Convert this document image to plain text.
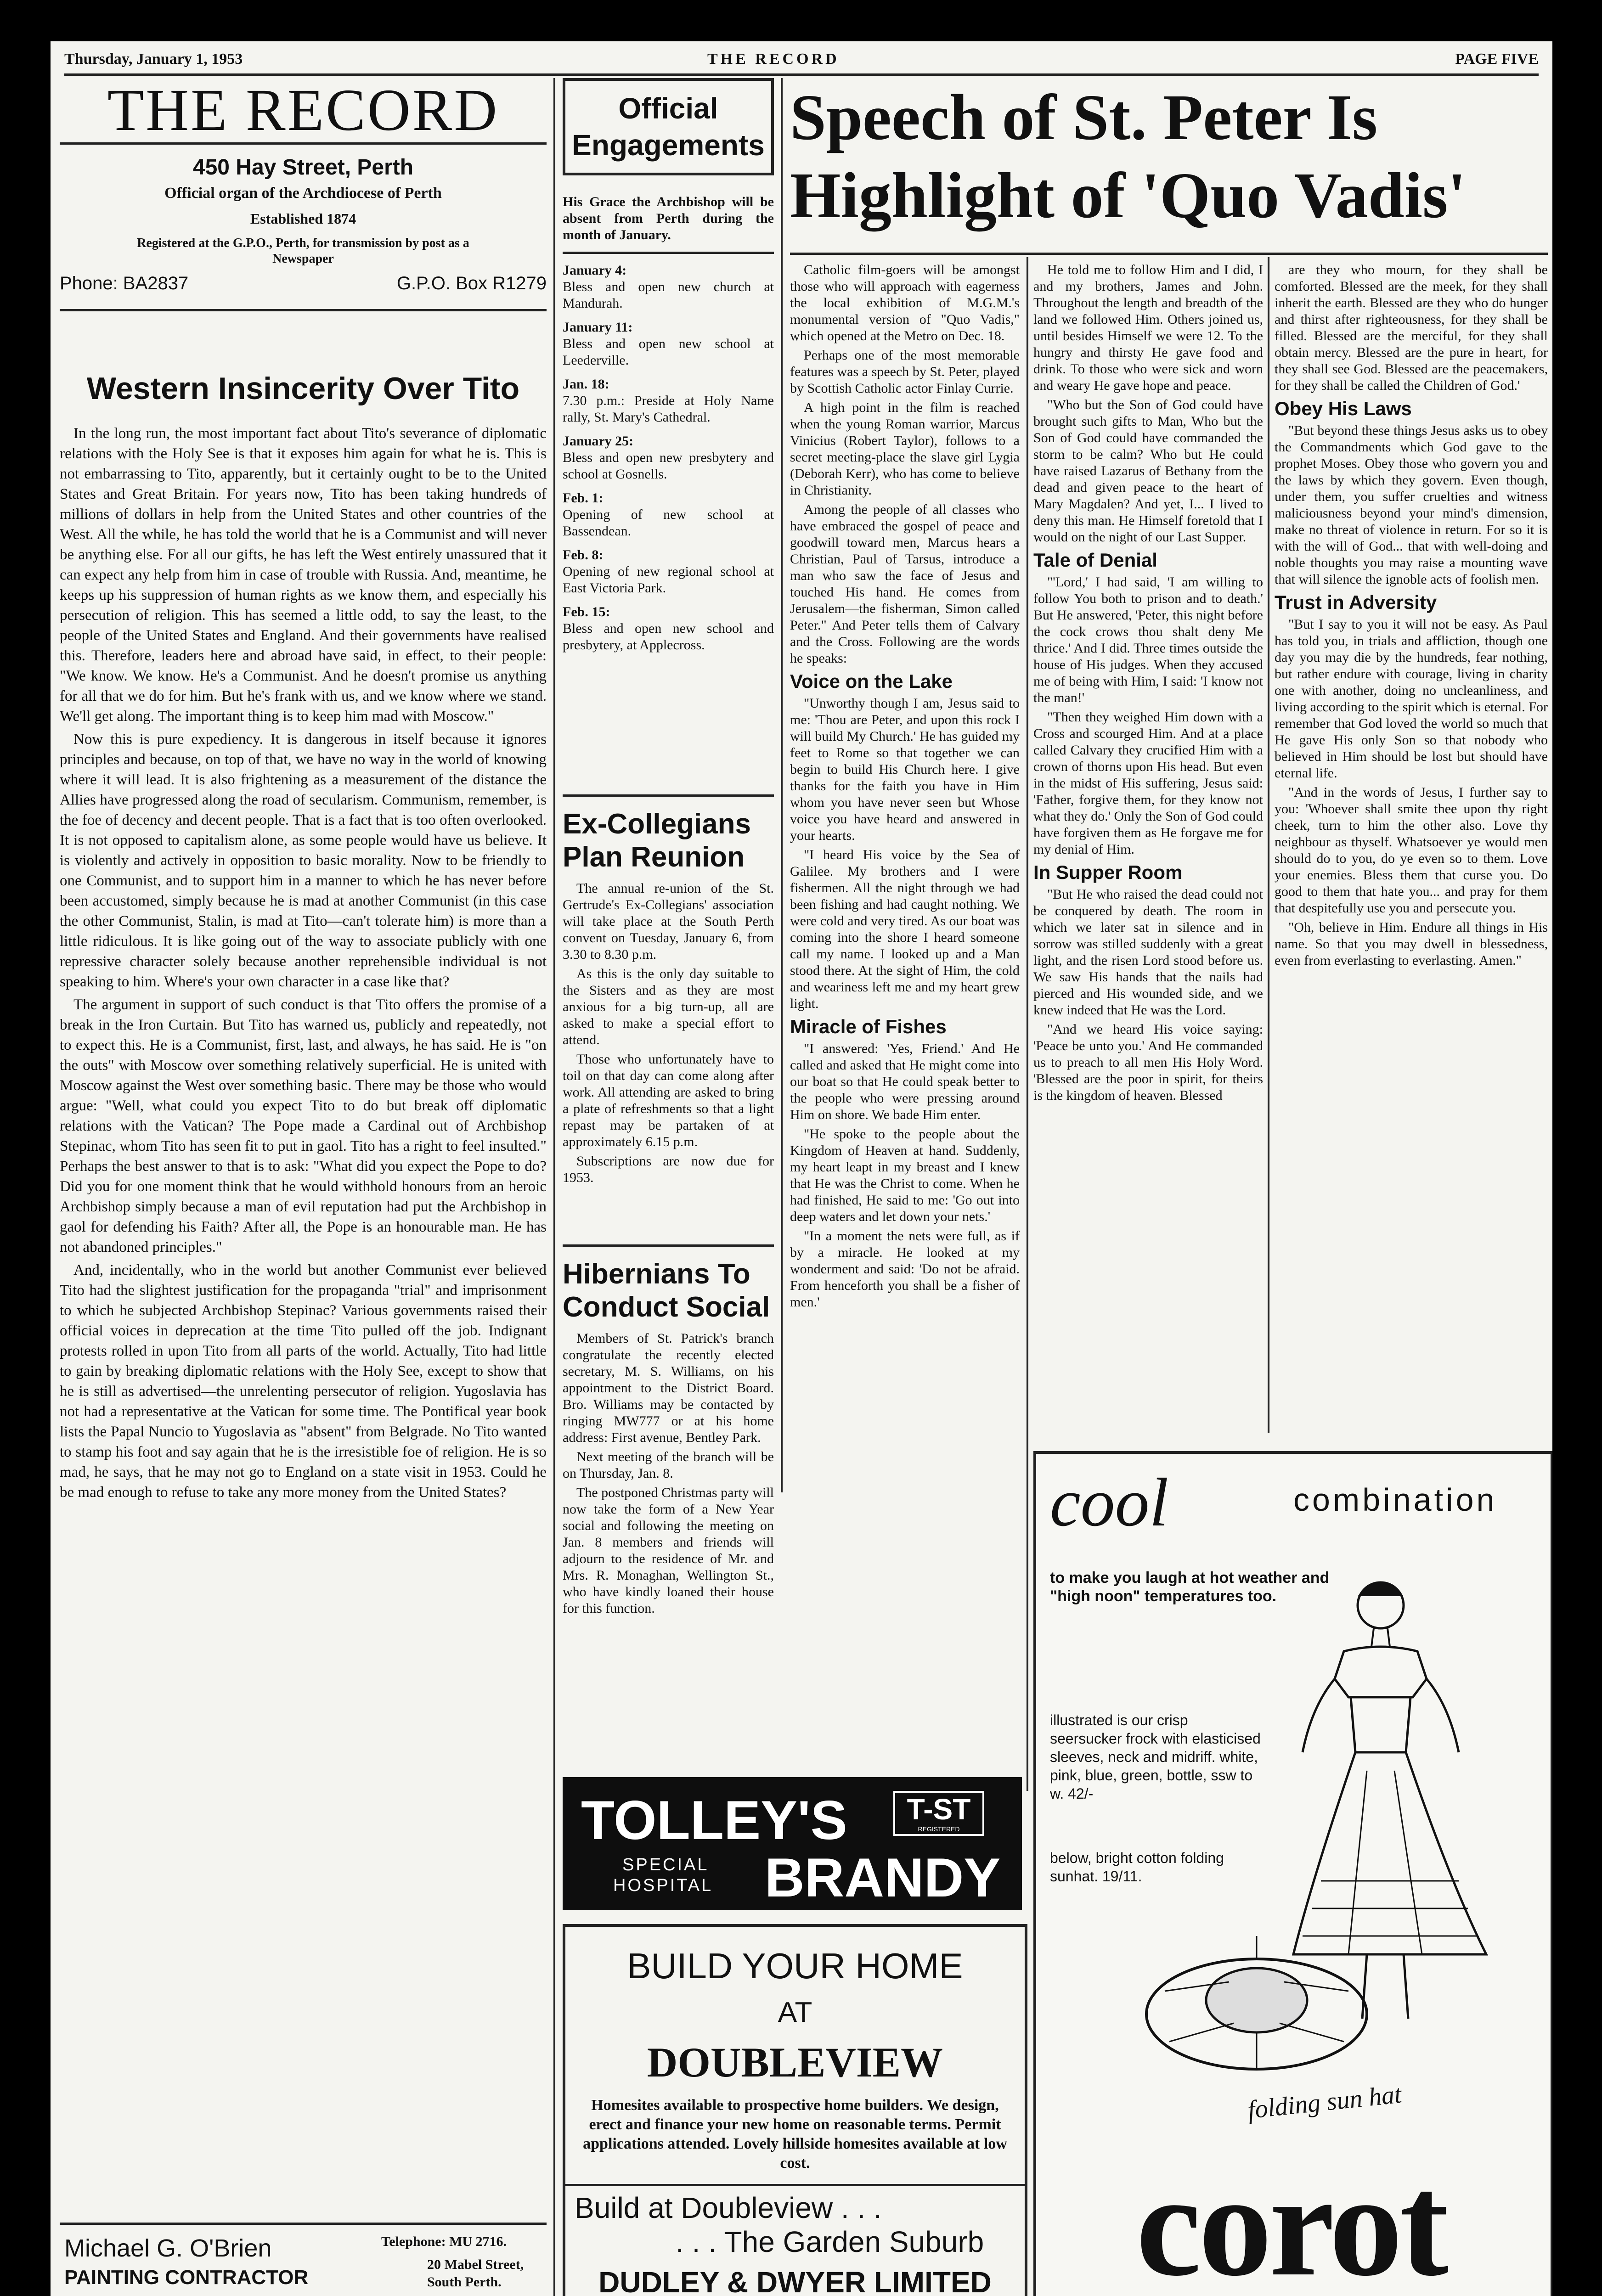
Thursday, January 1, 1953	THE RECORD	PAGE FIVE
THE RECORD
450 Hay Street, Perth
Official organ of the Archdiocese of Perth
Established 1874
Registered at the G.P.O., Perth, for transmission by post as a Newspaper
Phone: BA2837	G.P.O. Box R1279
Western Insincerity Over Tito

In the long run, the most important fact about Tito's severance of diplomatic relations with the Holy See is that it exposes him again for what he is. This is not embarrassing to Tito, apparently, but it certainly ought to be to the United States and Great Britain. For years now, Tito has been taking hundreds of millions of dollars in help from the United States and other countries of the West. All the while, he has told the world that he is a Communist and will never be anything else. For all our gifts, he has left the West entirely unassured that it can expect any help from him in case of trouble with Russia. And, meantime, he keeps up his suppression of human rights as we know them, and especially his persecution of religion. This has seemed a little odd, to say the least, to the people of the United States and England. And their governments have realised this. Therefore, leaders here and abroad have said, in effect, to their people: "We know. We know. He's a Communist. And he doesn't promise us anything for all that we do for him. But he's frank with us, and we know where we stand. We'll get along. The important thing is to keep him mad with Moscow."

Now this is pure expediency. It is dangerous in itself because it ignores principles and because, on top of that, we have no way in the world of knowing where it will lead. It is also frightening as a measurement of the distance the Allies have progressed along the road of secularism. Communism, remember, is the foe of decency and decent people. That is a fact that is too often overlooked. It is not opposed to capitalism alone, as some people would have us believe. It is violently and actively in opposition to basic morality. Now to be friendly to one Communist, and to support him in a manner to which he has never before been accustomed, simply because he is mad at another Communist (in this case the other Communist, Stalin, is mad at Tito—can't tolerate him) is more than a little ridiculous. It is like going out of the way to associate publicly with one repressive character solely because another reprehensible individual is not speaking to him. Where's your own character in a case like that?

The argument in support of such conduct is that Tito offers the promise of a break in the Iron Curtain. But Tito has warned us, publicly and repeatedly, not to expect this. He is a Communist, first, last, and always, he has said. He is "on the outs" with Moscow over something relatively superficial. He is united with Moscow against the West over something basic. There may be those who would argue: "Well, what could you expect Tito to do but break off diplomatic relations with the Vatican? The Pope made a Cardinal out of Archbishop Stepinac, whom Tito has seen fit to put in gaol. Tito has a right to feel insulted." Perhaps the best answer to that is to ask: "What did you expect the Pope to do? Did you for one moment think that he would withhold honours from an heroic Archbishop simply because a man of evil reputation had put the Archbishop in gaol for defending his Faith? After all, the Pope is an honourable man. He has not abandoned principles."

And, incidentally, who in the world but another Communist ever believed Tito had the slightest justification for the propaganda "trial" and imprisonment to which he subjected Archbishop Stepinac? Various governments raised their official voices in deprecation at the time Tito pulled off the job. Indignant protests rolled in upon Tito from all parts of the world. Actually, Tito had little to gain by breaking diplomatic relations with the Holy See, except to show that he is still as advertised—the unrelenting persecutor of religion. Yugoslavia has not had a representative at the Vatican for some time. The Pontifical year book lists the Papal Nuncio to Yugoslavia as "absent" from Belgrade. No Tito wanted to stamp his foot and say again that he is the irresistible foe of religion. He is so mad, he says, that he may not go to England on a state visit in 1953. Could he be mad enough to refuse to take any more money from the United States?

Michael G. O'Brien
PAINTING CONTRACTOR
Telephone: MU 2716.
20 Mabel Street,
South Perth.
Official
Engagements
His Grace the Archbishop will be absent from Perth during the month of January.
January 4:
Bless and open new church at Mandurah.
January 11:
Bless and open new school at Leederville.
Jan. 18:
7.30 p.m.: Preside at Holy Name rally, St. Mary's Cathedral.
January 25:
Bless and open new presbytery and school at Gosnells.
Feb. 1:
Opening of new school at Bassendean.
Feb. 8:
Opening of new regional school at East Victoria Park.
Feb. 15:
Bless and open new school and presbytery, at Applecross.
Ex-Collegians
Plan Reunion

The annual re-union of the St. Gertrude's Ex-Collegians' association will take place at the South Perth convent on Tuesday, January 6, from 3.30 to 8.30 p.m.

As this is the only day suitable to the Sisters and as they are most anxious for a big turn-up, all are asked to make a special effort to attend.

Those who unfortunately have to toil on that day can come along after work. All attending are asked to bring a plate of refreshments so that a light repast may be partaken of at approximately 6.15 p.m.

Subscriptions are now due for 1953.

Hibernians To
Conduct Social

Members of St. Patrick's branch congratulate the recently elected secretary, M. S. Williams, on his appointment to the District Board. Bro. Williams may be contacted by ringing MW777 or at his home address: First avenue, Bentley Park.

Next meeting of the branch will be on Thursday, Jan. 8.

The postponed Christmas party will now take the form of a New Year social and following the meeting on Jan. 8 members and friends will adjourn to the residence of Mr. and Mrs. R. Monaghan, Wellington St., who have kindly loaned their house for this function.

Speech of St. Peter Is
Highlight of 'Quo Vadis'

Catholic film-goers will be amongst those who will approach with eagerness the local exhibition of M.G.M.'s monumental version of "Quo Vadis," which opened at the Metro on Dec. 18.

Perhaps one of the most memorable features was a speech by St. Peter, played by Scottish Catholic actor Finlay Currie.

A high point in the film is reached when the young Roman warrior, Marcus Vinicius (Robert Taylor), follows to a secret meeting-place the slave girl Lygia (Deborah Kerr), who has come to believe in Christianity.

Among the people of all classes who have embraced the gospel of peace and goodwill toward men, Marcus hears a Christian, Paul of Tarsus, introduce a man who saw the face of Jesus and touched His hand. He comes from Jerusalem—the fisherman, Simon called Peter." And Peter tells them of Calvary and the Cross. Following are the words he speaks:

Voice on the Lake

"Unworthy though I am, Jesus said to me: 'Thou are Peter, and upon this rock I will build My Church.' He has guided my feet to Rome so that together we can begin to build His Church here. I give thanks for the faith you have in Him whom you have never seen but Whose voice you have heard and answered in your hearts.

"I heard His voice by the Sea of Galilee. My brothers and I were fishermen. All the night through we had been fishing and had caught nothing. We were cold and very tired. As our boat was coming into the shore I heard someone call my name. I looked up and a Man stood there. At the sight of Him, the cold and weariness left me and my heart grew light.

Miracle of Fishes

"I answered: 'Yes, Friend.' And He called and asked that He might come into our boat so that He could speak better to the people who were pressing around Him on shore. We bade Him enter.

"He spoke to the people about the Kingdom of Heaven at hand. Suddenly, my heart leapt in my breast and I knew that He was the Christ to come. When he had finished, He said to me: 'Go out into deep waters and let down your nets.'

"In a moment the nets were full, as if by a miracle. He looked at my wonderment and said: 'Do not be afraid. From henceforth you shall be a fisher of men.'

He told me to follow Him and I did, I and my brothers, James and John. Throughout the length and breadth of the land we followed Him. Others joined us, until besides Himself we were 12. To the hungry and thirsty He gave food and drink. To those who were sick and worn and weary He gave hope and peace.

"Who but the Son of God could have brought such gifts to Man, Who but the Son of God could have commanded the storm to be calm? Who but He could have raised Lazarus of Bethany from the dead and given peace to the heart of Mary Magdalen? And yet, I... I lived to deny this man. He Himself foretold that I would on the night of our Last Supper.

Tale of Denial

"'Lord,' I had said, 'I am willing to follow You both to prison and to death.' But He answered, 'Peter, this night before the cock crows thou shalt deny Me thrice.' And I did. Three times outside the house of His judges. When they accused me of being with Him, I said: 'I know not the man!'

"Then they weighed Him down with a Cross and scourged Him. And at a place called Calvary they crucified Him with a crown of thorns upon His head. But even in the midst of His suffering, Jesus said: 'Father, forgive them, for they know not what they do.' Only the Son of God could have forgiven them as He forgave me for my denial of Him.

In Supper Room

"But He who raised the dead could not be conquered by death. The room in which we later sat in silence and in sorrow was stilled suddenly with a great light, and the risen Lord stood before us. We saw His hands that the nails had pierced and His wounded side, and we knew indeed that He was the Lord.

"And we heard His voice saying: 'Peace be unto you.' And He commanded us to preach to all men His Holy Word. 'Blessed are the poor in spirit, for theirs is the kingdom of heaven. Blessed

are they who mourn, for they shall be comforted. Blessed are the meek, for they shall inherit the earth. Blessed are they who do hunger and thirst after righteousness, for they shall be filled. Blessed are the merciful, for they shall obtain mercy. Blessed are the pure in heart, for they shall see God. Blessed are the peacemakers, for they shall be called the Children of God.'

Obey His Laws

"But beyond these things Jesus asks us to obey the Commandments which God gave to the prophet Moses. Obey those who govern you and the laws by which they govern. Even though, under them, you suffer cruelties and witness maliciousness beyond your mind's dimension, make no threat of violence in return. For so it is with the will of God... that with well-doing and noble thoughts you may raise a mounting wave that will silence the ignoble acts of foolish men.

Trust in Adversity

"But I say to you it will not be easy. As Paul has told you, in trials and affliction, though one day you may die by the hundreds, fear nothing, but rather endure with courage, living in charity one with another, doing no uncleanliness, and living according to the spirit which is eternal. For remember that God loved the world so much that He gave His only Son so that nobody who believed in Him should be lost but should have eternal life.

"And in the words of Jesus, I further say to you: 'Whoever shall smite thee upon thy right cheek, turn to him the other also. Love thy neighbour as thyself. Whatsoever ye would men should do to you, do ye even so to them. Love your enemies. Bless them that curse you. Do good to them that hate you... and pray for them that despitefully use you and persecute you.

"Oh, believe in Him. Endure all things in His name. So that you may dwell in blessedness, even from everlasting to everlasting. Amen."

TOLLEY'S	T-ST
REGISTERED
SPECIAL
HOSPITAL BRANDY
BUILD YOUR HOME
AT
DOUBLEVIEW
Homesites available to prospective home builders. We design, erect and finance your new home on reasonable terms. Permit applications attended. Lovely hillside homesites available at low cost.
Build at Doubleview . . .
. . . The Garden Suburb
DUDLEY & DWYER LIMITED
cool	combination
to make you laugh at hot weather and "high noon" temperatures too.
illustrated is our crisp seersucker frock with elasticised sleeves, neck and midriff. white, pink, blue, green, bottle, ssw to w. 42/-
below, bright cotton folding sunhat. 19/11.
folding sun hat
corot
